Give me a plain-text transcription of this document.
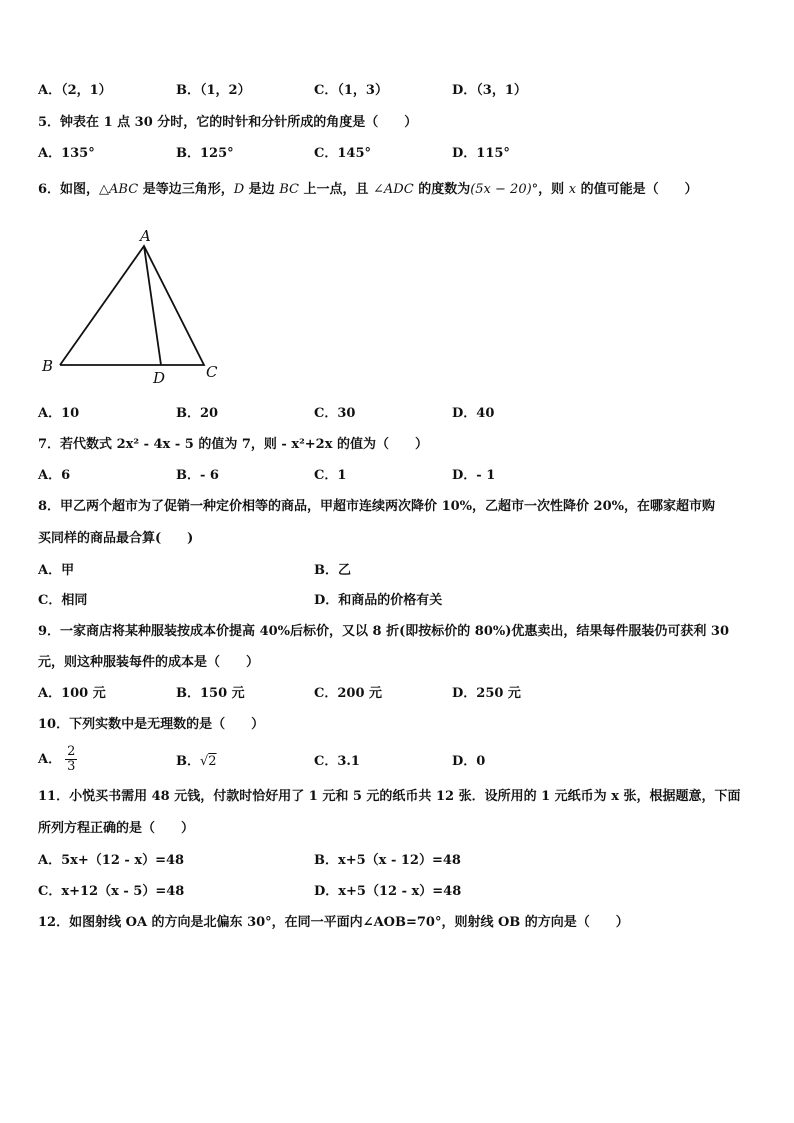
A．（2，1）	B．（1，2）	C．（1，3）	D．（3，1）
5．钟表在 1 点 30 分时，它的时针和分针所成的角度是（　　）
A．135°	B．125°	C．145°	D．115°
6．如图，△ABC 是等边三角形，D 是边 BC 上一点，且 ∠ADC 的度数为(5x − 20)°，则 x 的值可能是（　　）
A
B	C
D
A．10	B．20	C．30	D．40
7．若代数式 2x² - 4x - 5 的值为 7，则 - x²+2x 的值为（　　）
A．6	B．- 6	C．1	D．- 1
8．甲乙两个超市为了促销一种定价相等的商品，甲超市连续两次降价 10%，乙超市一次性降价 20%，在哪家超市购
买同样的商品最合算(　　)
A．甲	B．乙
C．相同	D．和商品的价格有关
9．一家商店将某种服装按成本价提高 40%后标价，又以 8 折(即按标价的 80%)优惠卖出，结果每件服装仍可获利 30
元，则这种服装每件的成本是（　　）
A．100 元	B．150 元	C．200 元	D．250 元
10．下列实数中是无理数的是（　　）
A． $\frac{2}{3}$	B．√2	C．3.1	D．0
11．小悦买书需用 48 元钱，付款时恰好用了 1 元和 5 元的纸币共 12 张．设所用的 1 元纸币为 x 张，根据题意，下面
所列方程正确的是（　　）
A．5x+（12 - x）=48	B．x+5（x - 12）=48
C．x+12（x - 5）=48	D．x+5（12 - x）=48
12．如图射线 OA 的方向是北偏东 30°，在同一平面内∠AOB=70°，则射线 OB 的方向是（　　）
